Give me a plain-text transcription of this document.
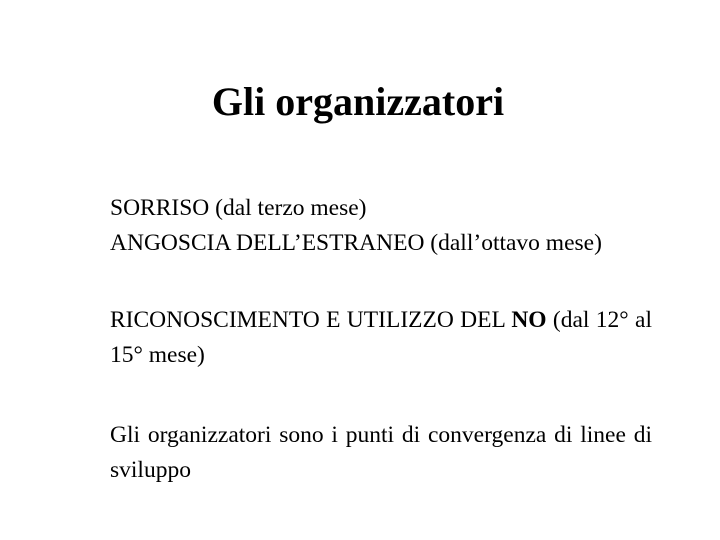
Gli organizzatori

SORRISO (dal terzo mese)

ANGOSCIA DELL’ESTRANEO (dall’ottavo mese)

RICONOSCIMENTO E UTILIZZO DEL NO (dal 12° al 15° mese)

Gli organizzatori sono i punti di convergenza di linee di sviluppo
